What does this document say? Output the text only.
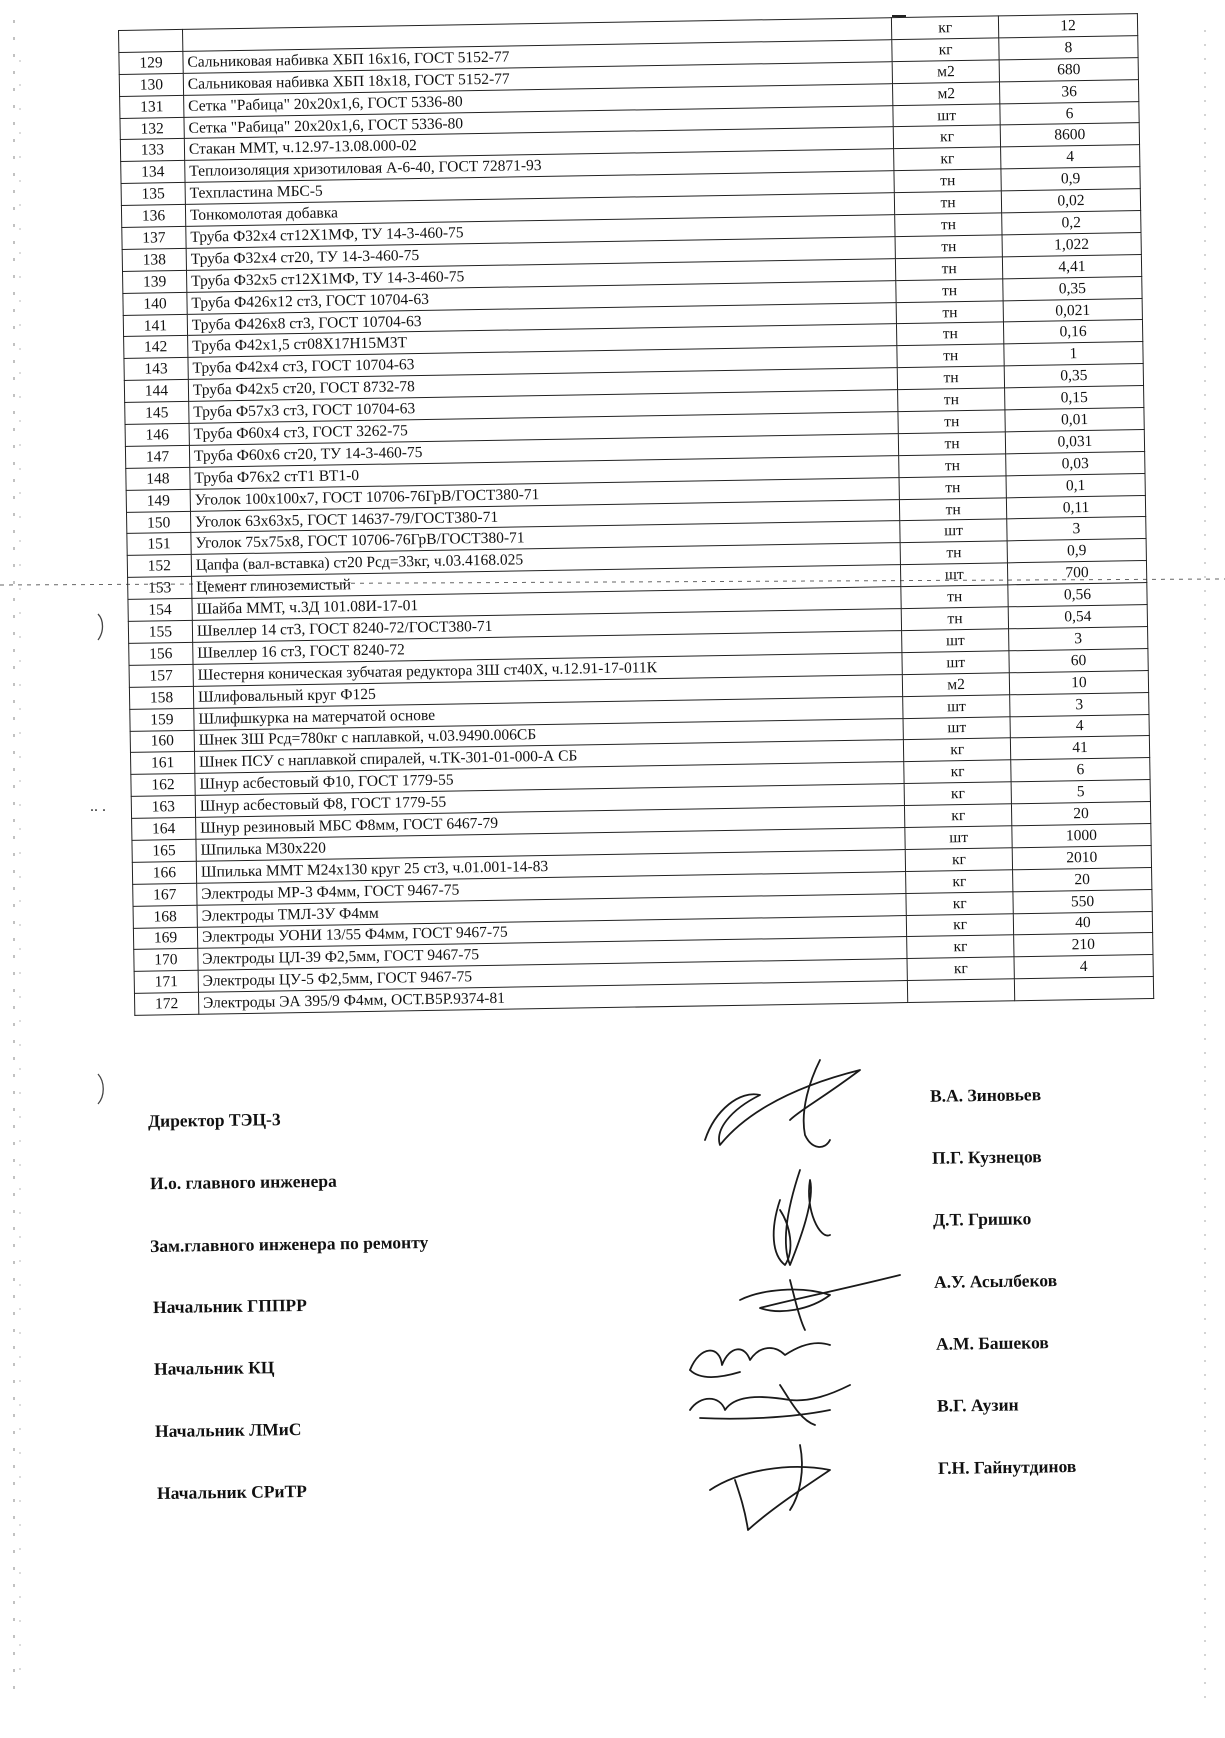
		кг	12
129	Сальниковая набивка ХБП 16х16, ГОСТ 5152-77	кг	8
130	Сальниковая набивка ХБП 18х18, ГОСТ 5152-77	м2	680
131	Сетка "Рабица" 20х20х1,6, ГОСТ 5336-80	м2	36
132	Сетка "Рабица" 20х20х1,6, ГОСТ 5336-80	шт	6
133	Стакан ММТ, ч.12.97-13.08.000-02	кг	8600
134	Теплоизоляция хризотиловая А-6-40, ГОСТ 72871-93	кг	4
135	Техпластина МБС-5	тн	0,9
136	Тонкомолотая добавка	тн	0,02
137	Труба Ф32х4 ст12Х1МФ, ТУ 14-3-460-75	тн	0,2
138	Труба Ф32х4 ст20, ТУ 14-3-460-75	тн	1,022
139	Труба Ф32х5 ст12Х1МФ, ТУ 14-3-460-75	тн	4,41
140	Труба Ф426х12 ст3, ГОСТ 10704-63	тн	0,35
141	Труба Ф426х8 ст3, ГОСТ 10704-63	тн	0,021
142	Труба Ф42х1,5 ст08Х17Н15М3Т	тн	0,16
143	Труба Ф42х4 ст3, ГОСТ 10704-63	тн	1
144	Труба Ф42х5 ст20, ГОСТ 8732-78	тн	0,35
145	Труба Ф57х3 ст3, ГОСТ 10704-63	тн	0,15
146	Труба Ф60х4 ст3, ГОСТ 3262-75	тн	0,01
147	Труба Ф60х6 ст20, ТУ 14-3-460-75	тн	0,031
148	Труба Ф76х2 стТ1 ВТ1-0	тн	0,03
149	Уголок 100х100х7, ГОСТ 10706-76ГрВ/ГОСТ380-71	тн	0,1
150	Уголок 63х63х5, ГОСТ 14637-79/ГОСТ380-71	тн	0,11
151	Уголок 75х75х8, ГОСТ 10706-76ГрВ/ГОСТ380-71	шт	3
152	Цапфа (вал-вставка) ст20 Рсд=33кг, ч.03.4168.025	тн	0,9
153	Цемент глиноземистый	шт	700
154	Шайба ММТ, ч.3Д 101.08И-17-01	тн	0,56
155	Швеллер 14 ст3, ГОСТ 8240-72/ГОСТ380-71	тн	0,54
156	Швеллер 16 ст3, ГОСТ 8240-72	шт	3
157	Шестерня коническая зубчатая редуктора ЗШ ст40Х, ч.12.91-17-011К	шт	60
158	Шлифовальный круг Ф125	м2	10
159	Шлифшкурка на матерчатой основе	шт	3
160	Шнек ЗШ Рсд=780кг с наплавкой, ч.03.9490.006СБ	шт	4
161	Шнек ПСУ с наплавкой спиралей, ч.ТК-301-01-000-А СБ	кг	41
162	Шнур асбестовый Ф10, ГОСТ 1779-55	кг	6
163	Шнур асбестовый Ф8, ГОСТ 1779-55	кг	5
164	Шнур резиновый МБС Ф8мм, ГОСТ 6467-79	кг	20
165	Шпилька М30х220	шт	1000
166	Шпилька ММТ М24х130 круг 25 ст3, ч.01.001-14-83	кг	2010
167	Электроды МР-3 Ф4мм, ГОСТ 9467-75	кг	20
168	Электроды ТМЛ-3У Ф4мм	кг	550
169	Электроды УОНИ 13/55 Ф4мм, ГОСТ 9467-75	кг	40
170	Электроды ЦЛ-39 Ф2,5мм, ГОСТ 9467-75	кг	210
171	Электроды ЦУ-5 Ф2,5мм, ГОСТ 9467-75	кг	4
172	Электроды ЭА 395/9 Ф4мм, ОСТ.В5Р.9374-81		
Директор ТЭЦ-3
И.о. главного инженера
Зам.главного инженера по ремонту
Начальник ГППРР
Начальник КЦ
Начальник ЛМиС
Начальник СРиТР
В.А. Зиновьев
П.Г. Кузнецов
Д.Т. Гришко
А.У. Асылбеков
А.М. Башеков
В.Г. Аузин
Г.Н. Гайнутдинов
.. .
